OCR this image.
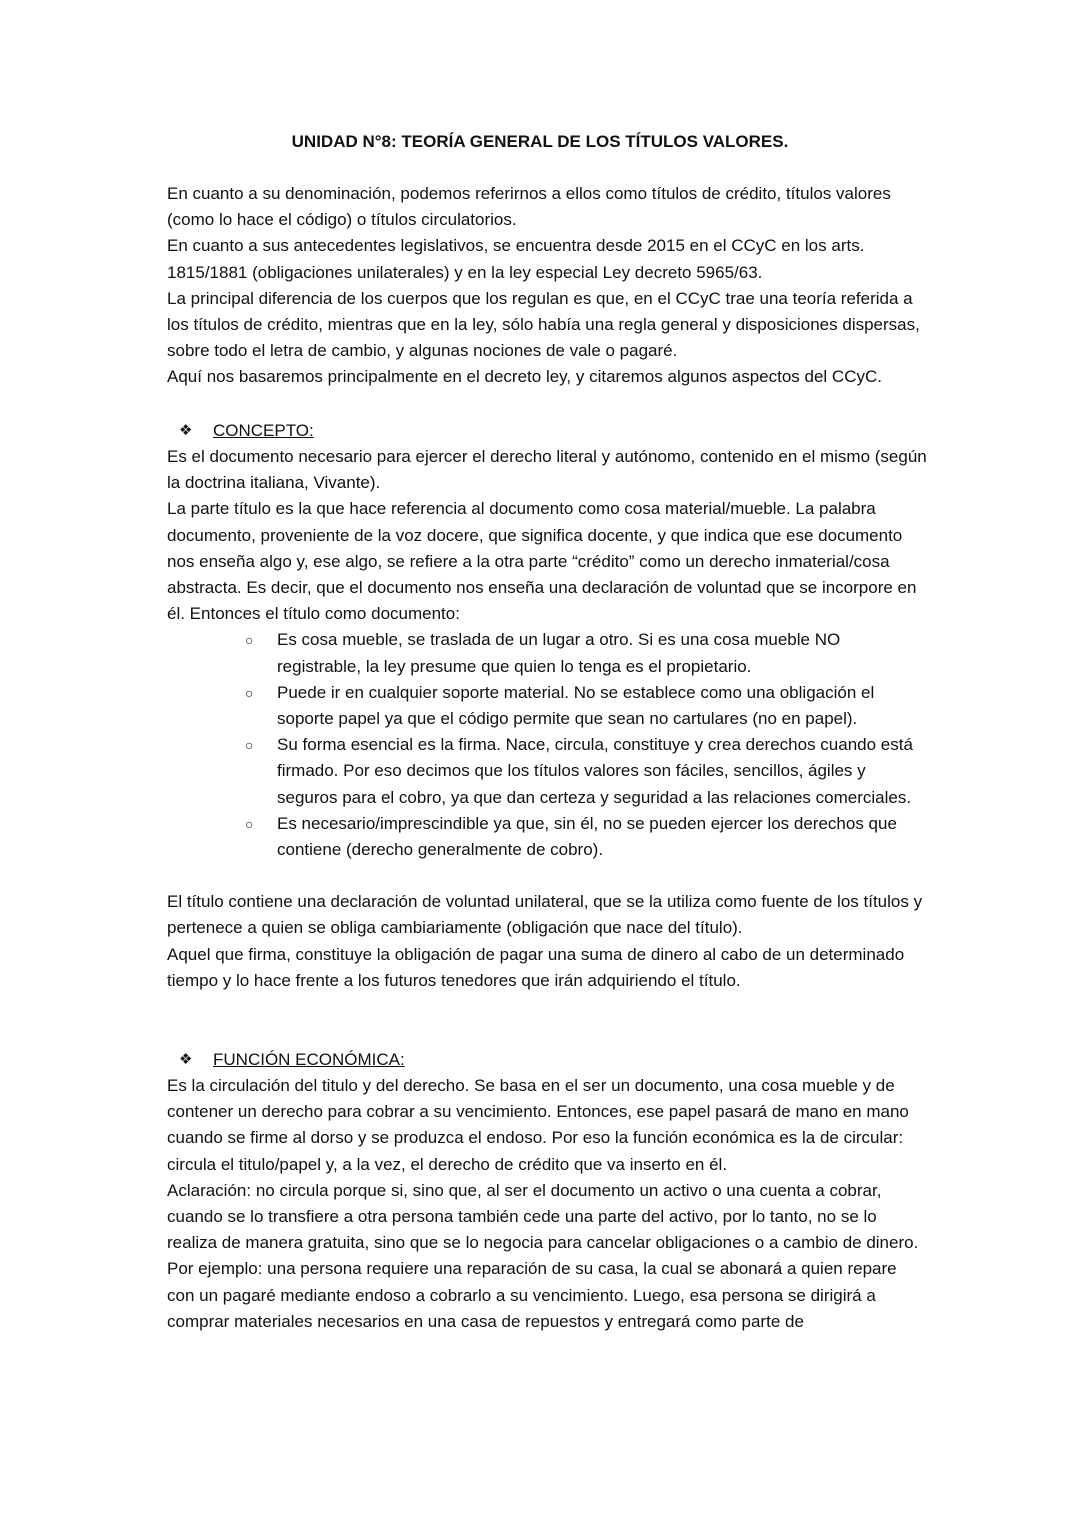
UNIDAD N°8: TEORÍA GENERAL DE LOS TÍTULOS VALORES.

En cuanto a su denominación, podemos referirnos a ellos como títulos de crédito, títulos valores (como lo hace el código) o títulos circulatorios.

En cuanto a sus antecedentes legislativos, se encuentra desde 2015 en el CCyC en los arts. 1815/1881 (obligaciones unilaterales) y en la ley especial Ley decreto 5965/63.

La principal diferencia de los cuerpos que los regulan es que, en el CCyC trae una teoría referida a los títulos de crédito, mientras que en la ley, sólo había una regla general y disposiciones dispersas, sobre todo el letra de cambio, y algunas nociones de vale o pagaré.

Aquí nos basaremos principalmente en el decreto ley, y citaremos algunos aspectos del CCyC.

❖	CONCEPTO:

Es el documento necesario para ejercer el derecho literal y autónomo, contenido en el mismo (según la doctrina italiana, Vivante).

La parte título es la que hace referencia al documento como cosa material/mueble. La palabra documento, proveniente de la voz docere, que significa docente, y que indica que ese documento nos enseña algo y, ese algo, se refiere a la otra parte “crédito” como un derecho inmaterial/cosa abstracta. Es decir, que el documento nos enseña una declaración de voluntad que se incorpore en él. Entonces el título como documento:

○ Es cosa mueble, se traslada de un lugar a otro. Si es una cosa mueble NO registrable, la ley presume que quien lo tenga es el propietario.
○ Puede ir en cualquier soporte material. No se establece como una obligación el soporte papel ya que el código permite que sean no cartulares (no en papel).
○ Su forma esencial es la firma. Nace, circula, constituye y crea derechos cuando está firmado. Por eso decimos que los títulos valores son fáciles, sencillos, ágiles y seguros para el cobro, ya que dan certeza y seguridad a las relaciones comerciales.
○ Es necesario/imprescindible ya que, sin él, no se pueden ejercer los derechos que contiene (derecho generalmente de cobro).

El título contiene una declaración de voluntad unilateral, que se la utiliza como fuente de los títulos y pertenece a quien se obliga cambiariamente (obligación que nace del título).

Aquel que firma, constituye la obligación de pagar una suma de dinero al cabo de un determinado tiempo y lo hace frente a los futuros tenedores que irán adquiriendo el título.

❖	FUNCIÓN ECONÓMICA:

Es la circulación del titulo y del derecho. Se basa en el ser un documento, una cosa mueble y de contener un derecho para cobrar a su vencimiento. Entonces, ese papel pasará de mano en mano cuando se firme al dorso y se produzca el endoso. Por eso la función económica es la de circular: circula el titulo/papel y, a la vez, el derecho de crédito que va inserto en él.

Aclaración: no circula porque si, sino que, al ser el documento un activo o una cuenta a cobrar, cuando se lo transfiere a otra persona también cede una parte del activo, por lo tanto, no se lo realiza de manera gratuita, sino que se lo negocia para cancelar obligaciones o a cambio de dinero.

Por ejemplo: una persona requiere una reparación de su casa, la cual se abonará a quien repare con un pagaré mediante endoso a cobrarlo a su vencimiento. Luego, esa persona se dirigirá a comprar materiales necesarios en una casa de repuestos y entregará como parte de
